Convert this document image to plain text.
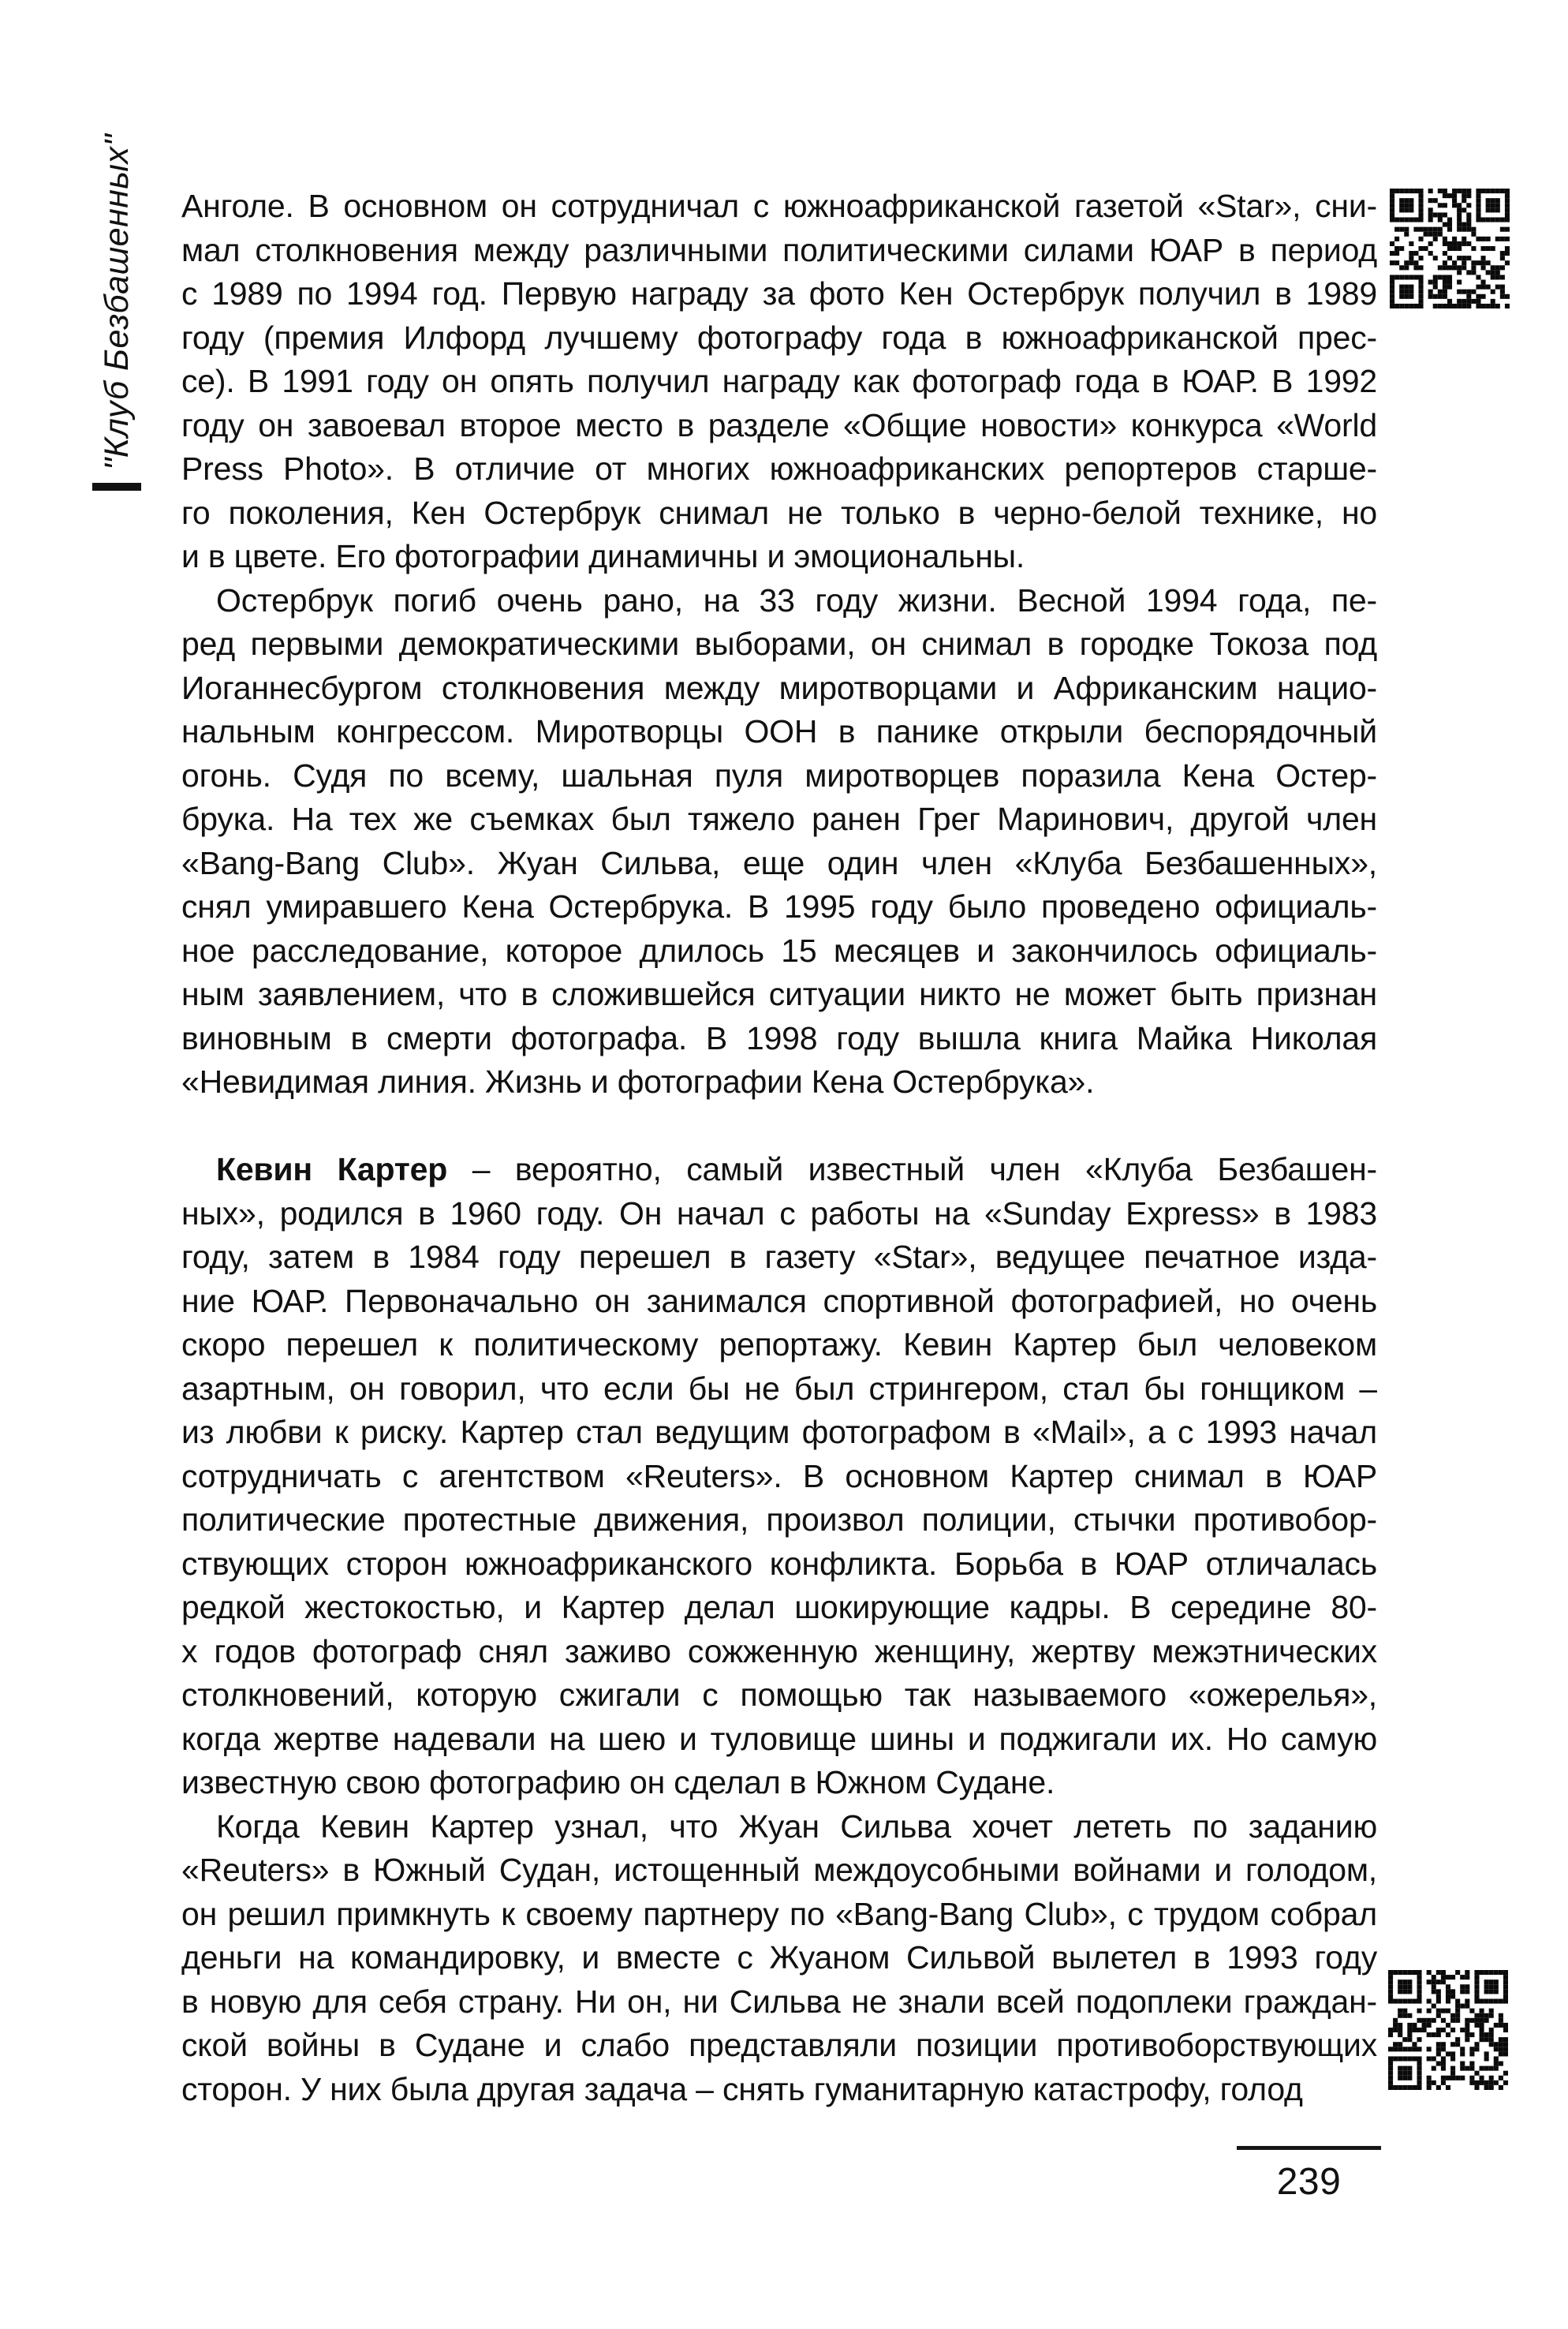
"Клуб Безбашенных" Анголе. В основном он сотрудничал с южноафриканской газетой «Star», сни-
мал столкновения между различными политическими силами ЮАР в период
с 1989 по 1994 год. Первую награду за фото Кен Остербрук получил в 1989
году (премия Илфорд лучшему фотографу года в южноафриканской прес-
се). В 1991 году он опять получил награду как фотограф года в ЮАР. В 1992
году он завоевал второе место в разделе «Общие новости» конкурса «World
Press Photo». В отличие от многих южноафриканских репортеров старше-
го поколения, Кен Остербрук снимал не только в черно-белой технике, но
и в цвете. Его фотографии динамичны и эмоциональны.
Остербрук погиб очень рано, на 33 году жизни. Весной 1994 года, пе-
ред первыми демократическими выборами, он снимал в городке Токоза под
Иоганнесбургом столкновения между миротворцами и Африканским нацио-
нальным конгрессом. Миротворцы ООН в панике открыли беспорядочный
огонь. Судя по всему, шальная пуля миротворцев поразила Кена Остер-
брука. На тех же съемках был тяжело ранен Грег Маринович, другой член
«Bang-Bang Club». Жуан Сильва, еще один член «Клуба Безбашенных»,
снял умиравшего Кена Остербрука. В 1995 году было проведено официаль-
ное расследование, которое длилось 15 месяцев и закончилось официаль-
ным заявлением, что в сложившейся ситуации никто не может быть признан
виновным в смерти фотографа. В 1998 году вышла книга Майка Николая
«Невидимая линия. Жизнь и фотографии Кена Остербрука».
Кевин Картер – вероятно, самый известный член «Клуба Безбашен-
ных», родился в 1960 году. Он начал с работы на «Sunday Express» в 1983
году, затем в 1984 году перешел в газету «Star», ведущее печатное изда-
ние ЮАР. Первоначально он занимался спортивной фотографией, но очень
скоро перешел к политическому репортажу. Кевин Картер был человеком
азартным, он говорил, что если бы не был стрингером, стал бы гонщиком –
из любви к риску. Картер стал ведущим фотографом в «Mail», а с 1993 начал
сотрудничать с агентством «Reuters». В основном Картер снимал в ЮАР
политические протестные движения, произвол полиции, стычки противобор-
ствующих сторон южноафриканского конфликта. Борьба в ЮАР отличалась
редкой жестокостью, и Картер делал шокирующие кадры. В середине 80-
х годов фотограф снял заживо сожженную женщину, жертву межэтнических
столкновений, которую сжигали с помощью так называемого «ожерелья»,
когда жертве надевали на шею и туловище шины и поджигали их. Но самую
известную свою фотографию он сделал в Южном Судане.
Когда Кевин Картер узнал, что Жуан Сильва хочет лететь по заданию
«Reuters» в Южный Судан, истощенный междоусобными войнами и голодом,
он решил примкнуть к своему партнеру по «Bang-Bang Club», с трудом собрал
деньги на командировку, и вместе с Жуаном Сильвой вылетел в 1993 году
в новую для себя страну. Ни он, ни Сильва не знали всей подоплеки граждан-
ской войны в Судане и слабо представляли позиции противоборствующих
сторон. У них была другая задача – снять гуманитарную катастрофу, голод
239
